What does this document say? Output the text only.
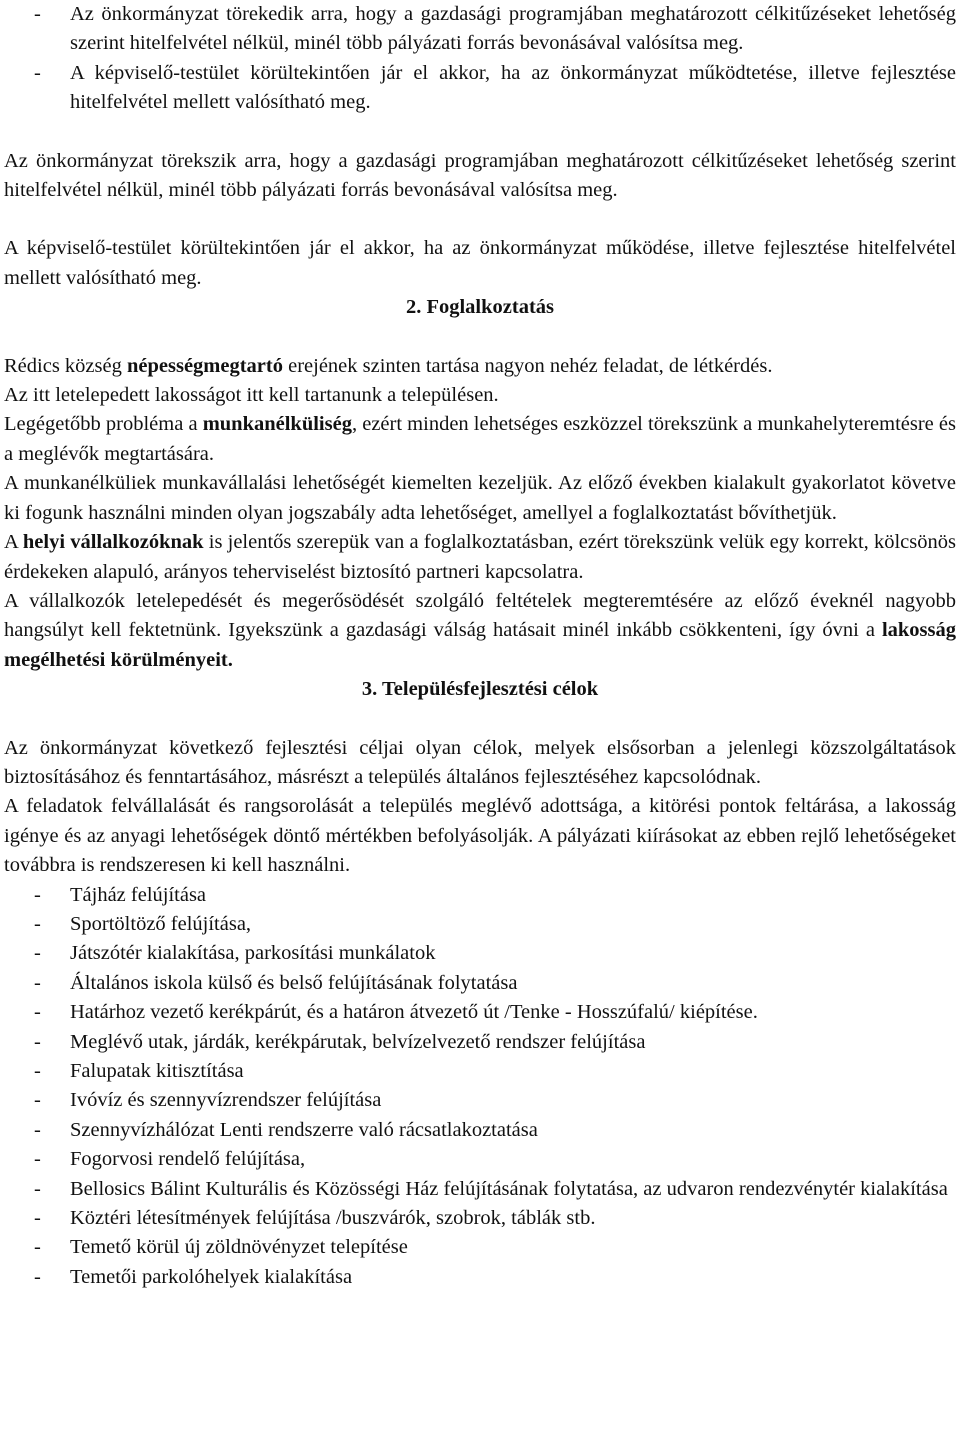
- Az önkormányzat törekedik arra, hogy a gazdasági programjában meghatározott célkitűzéseket lehetőség szerint hitelfelvétel nélkül, minél több pályázati forrás bevonásával valósítsa meg.
- A képviselő-testület körültekintően jár el akkor, ha az önkormányzat működtetése, illetve fejlesztése hitelfelvétel mellett valósítható meg.

Az önkormányzat törekszik arra, hogy a gazdasági programjában meghatározott célkitűzéseket lehetőség szerint hitelfelvétel nélkül, minél több pályázati forrás bevonásával valósítsa meg.

A képviselő-testület körültekintően jár el akkor, ha az önkormányzat működése, illetve fejlesztése hitelfelvétel mellett valósítható meg.

2. Foglalkoztatás

Rédics község népességmegtartó erejének szinten tartása nagyon nehéz feladat, de létkérdés.

Az itt letelepedett lakosságot itt kell tartanunk a településen.

Legégetőbb probléma a munkanélküliség, ezért minden lehetséges eszközzel törekszünk a munkahelyteremtésre és a meglévők megtartására.

A munkanélküliek munkavállalási lehetőségét kiemelten kezeljük. Az előző években kialakult gyakorlatot követve ki fogunk használni minden olyan jogszabály adta lehetőséget, amellyel a foglalkoztatást bővíthetjük.

A helyi vállalkozóknak is jelentős szerepük van a foglalkoztatásban, ezért törekszünk velük egy korrekt, kölcsönös érdekeken alapuló, arányos teherviselést biztosító partneri kapcsolatra.

A vállalkozók letelepedését és megerősödését szolgáló feltételek megteremtésére az előző éveknél nagyobb hangsúlyt kell fektetnünk. Igyekszünk a gazdasági válság hatásait minél inkább csökkenteni, így óvni a lakosság megélhetési körülményeit.

3. Településfejlesztési célok

Az önkormányzat következő fejlesztési céljai olyan célok, melyek elsősorban a jelenlegi közszolgáltatások biztosításához és fenntartásához, másrészt a település általános fejlesztéséhez kapcsolódnak.

A feladatok felvállalását és rangsorolását a település meglévő adottsága, a kitörési pontok feltárása, a lakosság igénye és az anyagi lehetőségek döntő mértékben befolyásolják. A pályázati kiírásokat az ebben rejlő lehetőségeket továbbra is rendszeresen ki kell használni.

- Tájház felújítása
- Sportöltöző felújítása,
- Játszótér kialakítása, parkosítási munkálatok
- Általános iskola külső és belső felújításának folytatása
- Határhoz vezető kerékpárút, és a határon átvezető út /Tenke - Hosszúfalú/ kiépítése.
- Meglévő utak, járdák, kerékpárutak, belvízelvezető rendszer felújítása
- Falupatak kitisztítása
- Ivóvíz és szennyvízrendszer felújítása
- Szennyvízhálózat Lenti rendszerre való rácsatlakoztatása
- Fogorvosi rendelő felújítása,
- Bellosics Bálint Kulturális és Közösségi Ház felújításának folytatása, az udvaron rendezvénytér kialakítása
- Köztéri létesítmények felújítása /buszvárók, szobrok, táblák stb.
- Temető körül új zöldnövényzet telepítése
- Temetői parkolóhelyek kialakítása
